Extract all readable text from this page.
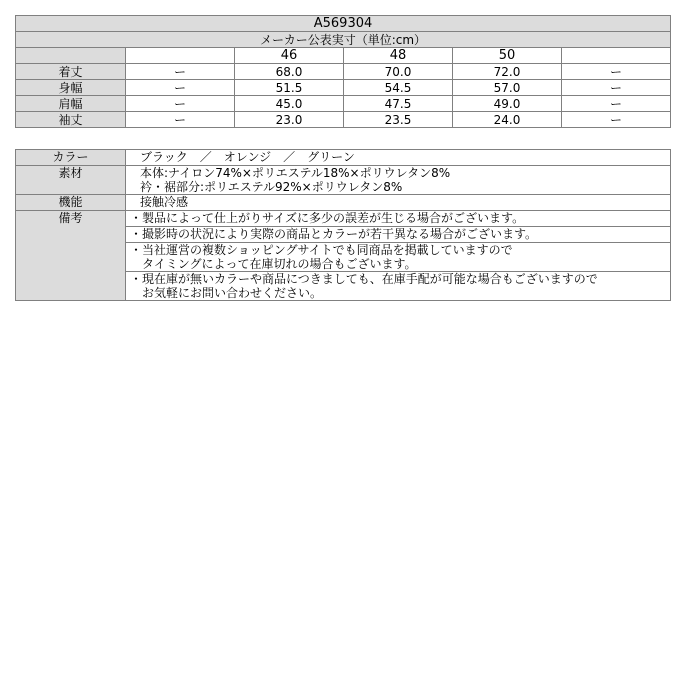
A569304					
メーカー公表実寸（単位:cm）					
		46	48	50	
着丈	ー	68.0	70.0	72.0	ー
身幅	ー	51.5	54.5	57.0	ー
肩幅	ー	45.0	47.5	49.0	ー
袖丈	ー	23.0	23.5	24.0	ー
カラー	ブラック　／　オレンジ　／　グリーン
素材	本体:ナイロン74%×ポリエステル18%×ポリウレタン8%
衿・裾部分:ポリエステル92%×ポリウレタン8%

機能	接触冷感
備考	・製品によって仕上がりサイズに多少の誤差が生じる場合がございます。

	・撮影時の状況により実際の商品とカラーが若干異なる場合がございます。

	・当社運営の複数ショッピングサイトでも同商品を掲載していますので
　タイミングによって在庫切れの場合もございます。

	・現在庫が無いカラーや商品につきましても、在庫手配が可能な場合もございますので
　お気軽にお問い合わせください。
